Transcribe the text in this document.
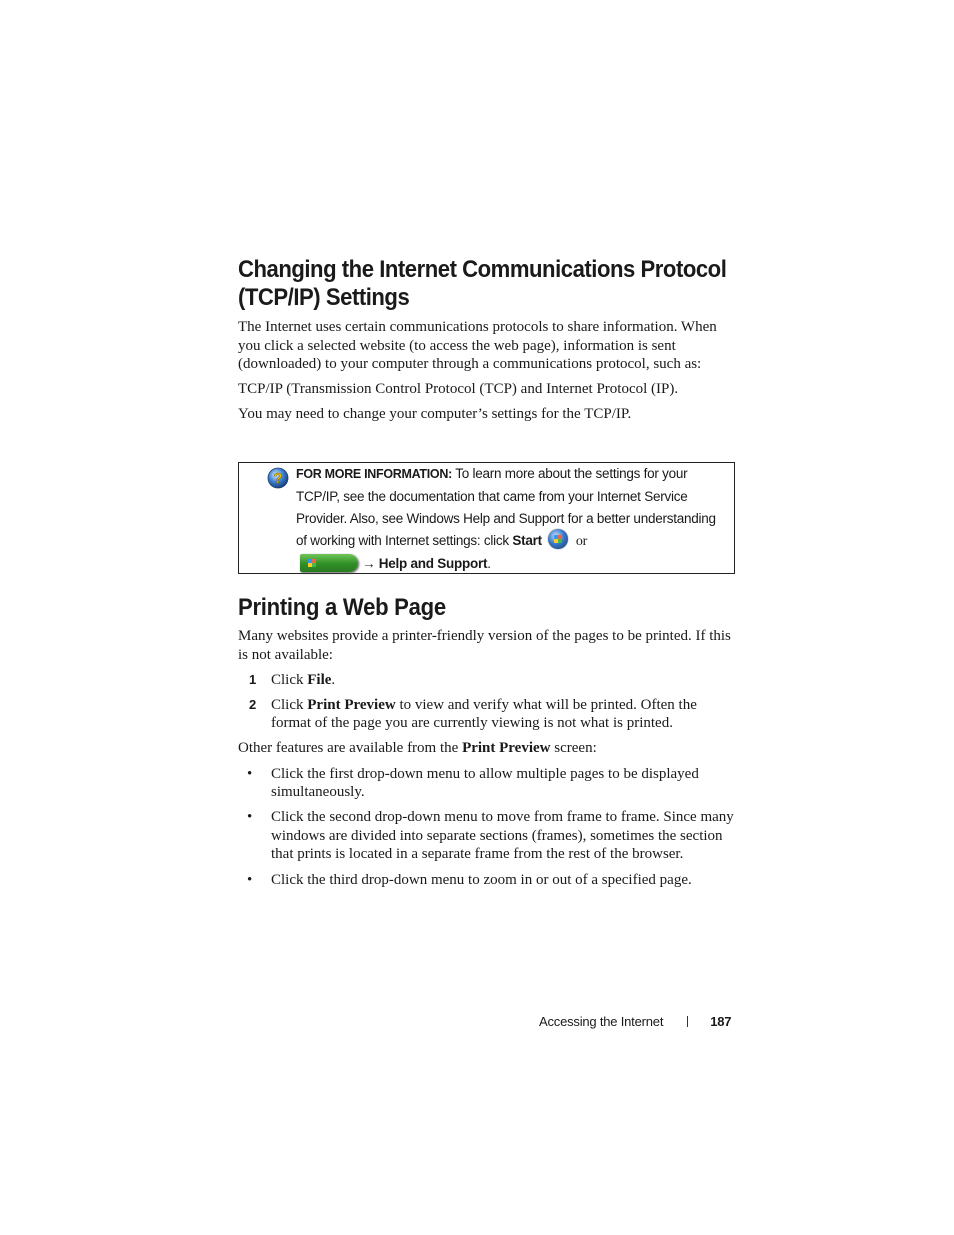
Changing the Internet Communications Protocol
(TCP/IP) Settings

The Internet uses certain communications protocols to share information. When you click a selected website (to access the web page), information is sent (downloaded) to your computer through a communications protocol, such as:

TCP/IP (Transmission Control Protocol (TCP) and Internet Protocol (IP).

You may need to change your computer’s settings for the TCP/IP.

? FOR MORE INFORMATION: To learn more about the settings for your TCP/IP, see the documentation that came from your Internet Service Provider. Also, see Windows Help and Support for a better understanding of working with Internet settings: click Start or
→ Help and Support.
Printing a Web Page

Many websites provide a printer-friendly version of the pages to be printed. If this is not available:

1 Click File.
2 Click Print Preview to view and verify what will be printed. Often the format of the page you are currently viewing is not what is printed.

Other features are available from the Print Preview screen:

• Click the first drop-down menu to allow multiple pages to be displayed simultaneously.
• Click the second drop-down menu to move from frame to frame. Since many windows are divided into separate sections (frames), sometimes the section that prints is located in a separate frame from the rest of the browser.
• Click the third drop-down menu to zoom in or out of a specified page.
Accessing the Internet	187
